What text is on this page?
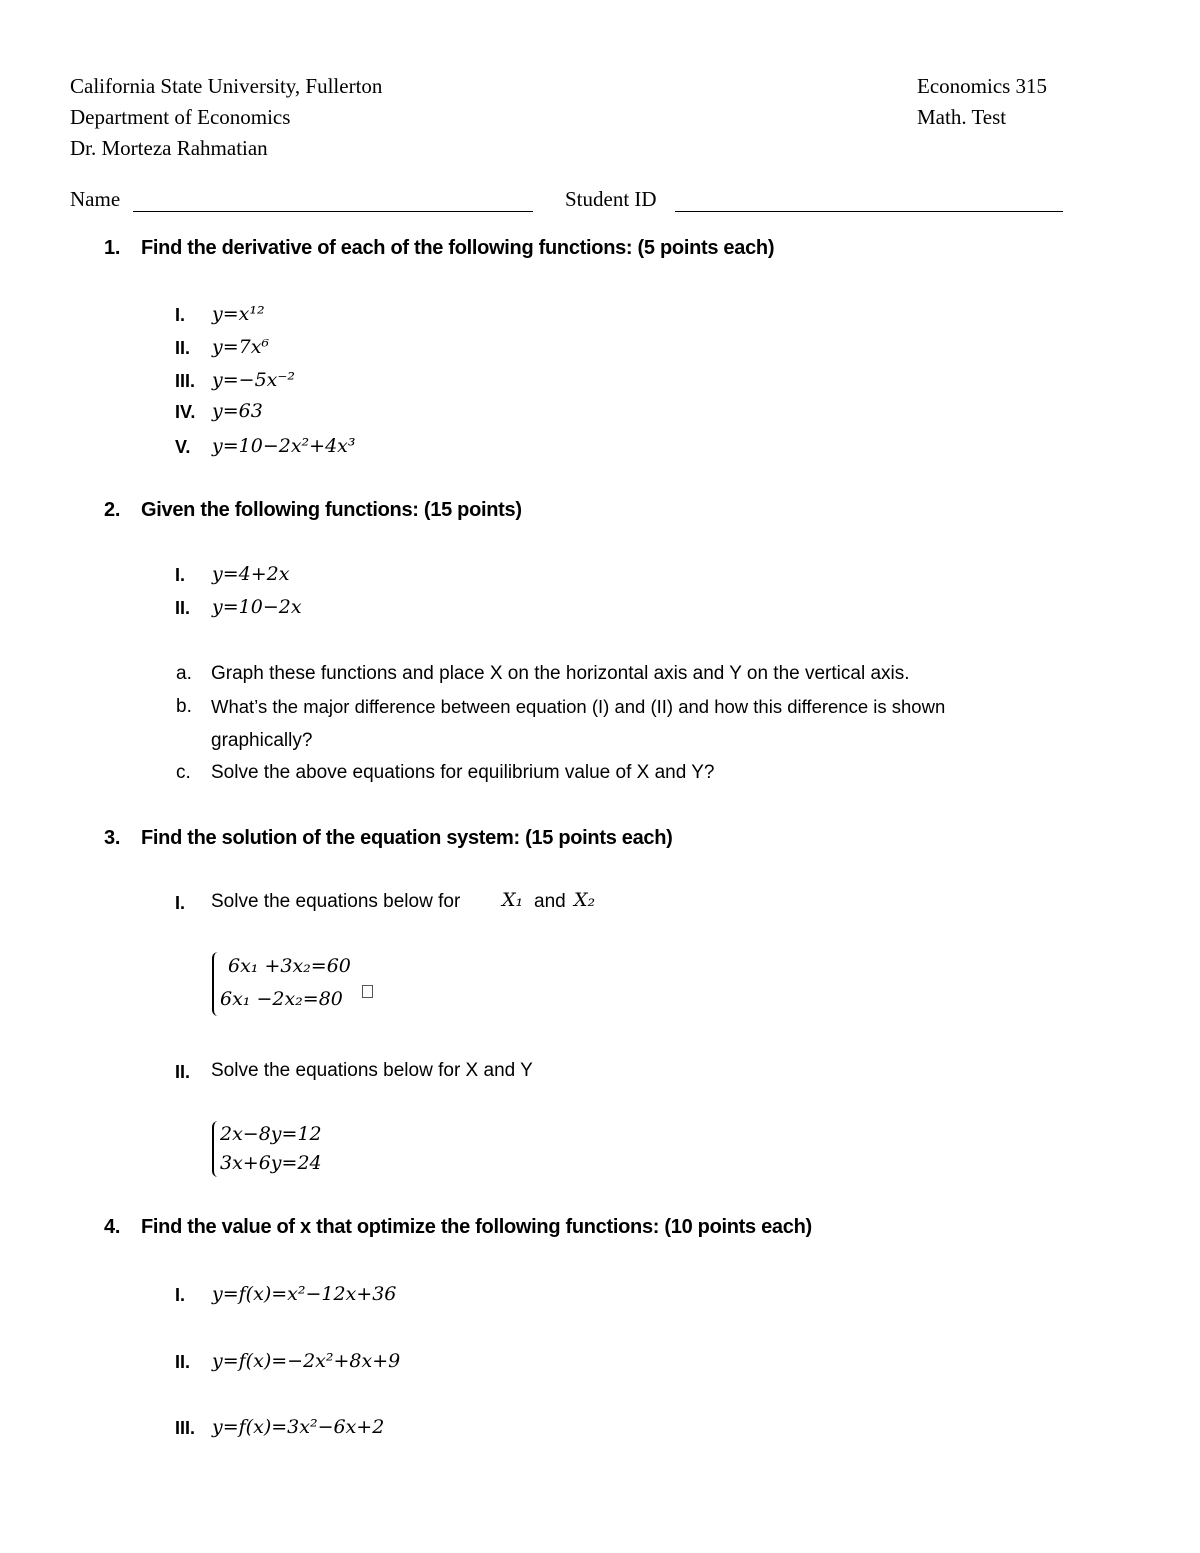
California State University, Fullerton
Department of Economics
Dr. Morteza Rahmatian
Economics 315
Math. Test
Name	Student ID
1. Find the derivative of each of the following functions: (5 points each)
I. y=x¹²
II. y=7x⁶
III. y=−5x⁻²
IV. y=63
V. y=10−2x²+4x³
2. Given the following functions: (15 points)
I. y=4+2x
II. y=10−2x
a. Graph these functions and place X on the horizontal axis and Y on the vertical axis.
b. What’s the major difference between equation (I) and (II) and how this difference is shown
graphically?
c. Solve the above equations for equilibrium value of X and Y?
3. Find the solution of the equation system: (15 points each)
I. Solve the equations below for X₁ and X₂
6x₁ +3x₂=60
6x₁ −2x₂=80
II. Solve the equations below for X and Y
2x−8y=12
3x+6y=24
4. Find the value of x that optimize the following functions: (10 points each)
I. y=f(x)=x²−12x+36
II. y=f(x)=−2x²+8x+9
III. y=f(x)=3x²−6x+2
